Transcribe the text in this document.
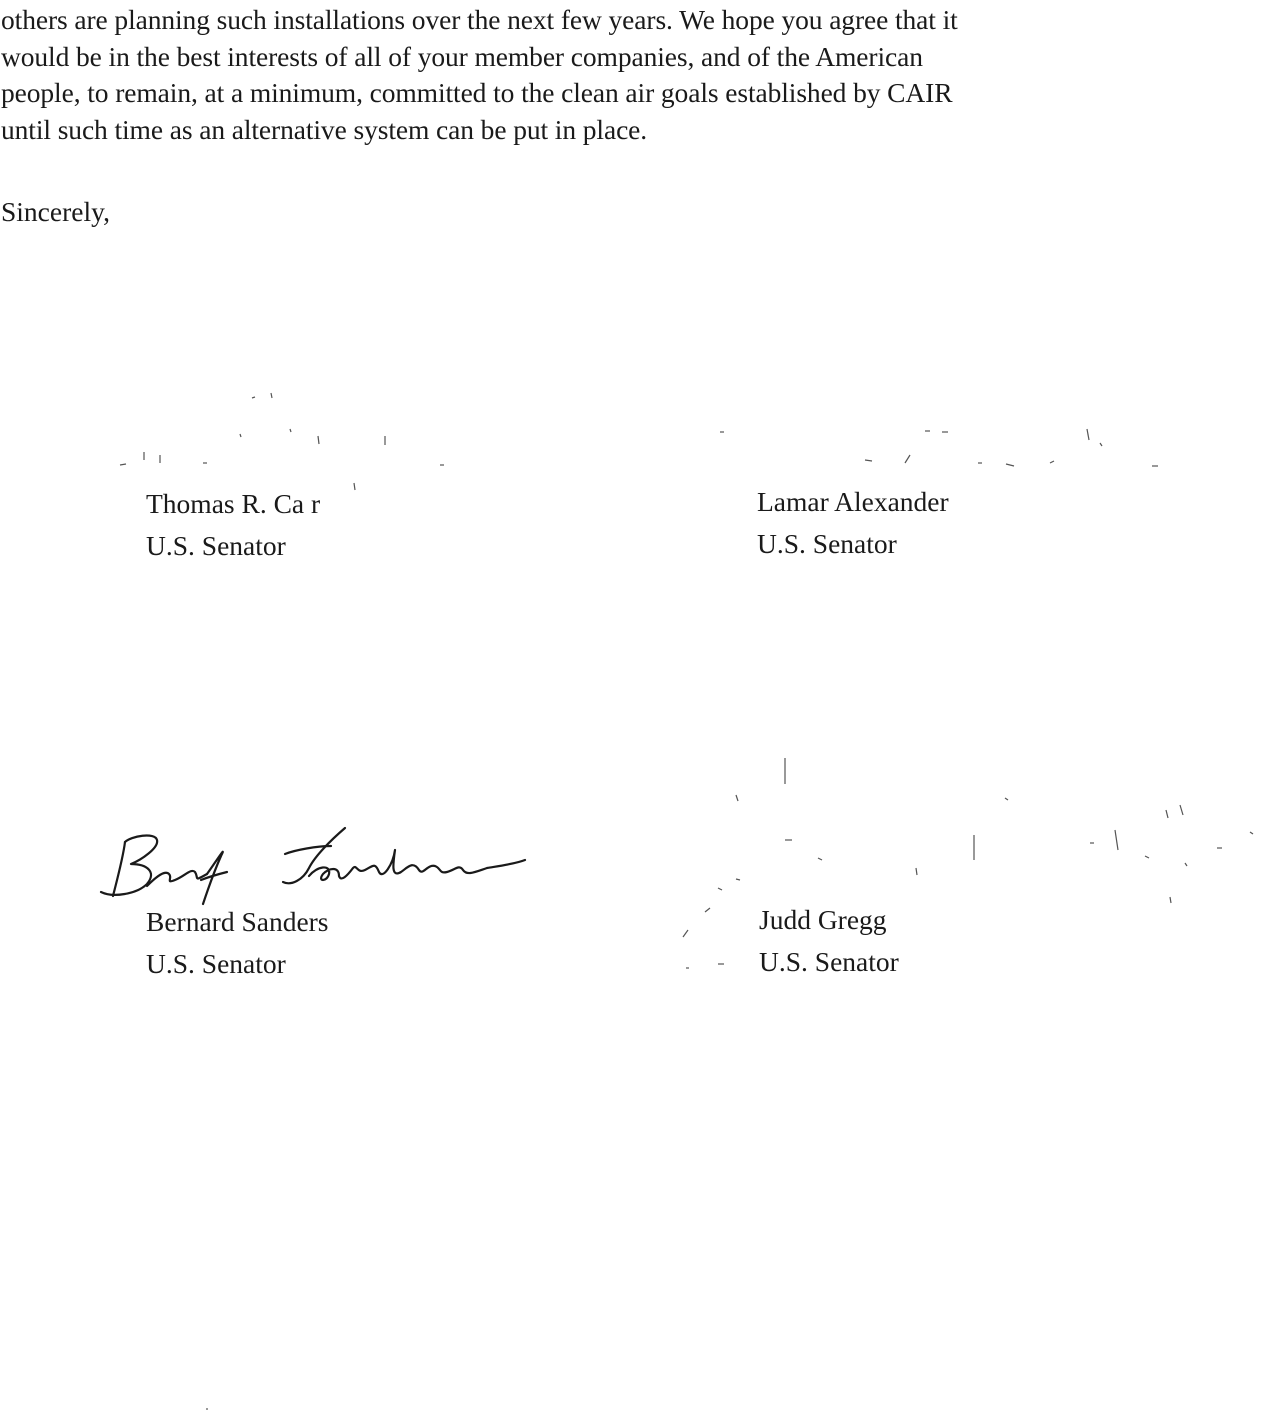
others are planning such installations over the next few years. We hope you agree that it
would be in the best interests of all of your member companies, and of the American
people, to remain, at a minimum, committed to the clean air goals established by CAIR
until such time as an alternative system can be put in place.
Sincerely,
Thomas R. Ca r
U.S. Senator
Lamar Alexander
U.S. Senator
Bernard Sanders
U.S. Senator
Judd Gregg
U.S. Senator
